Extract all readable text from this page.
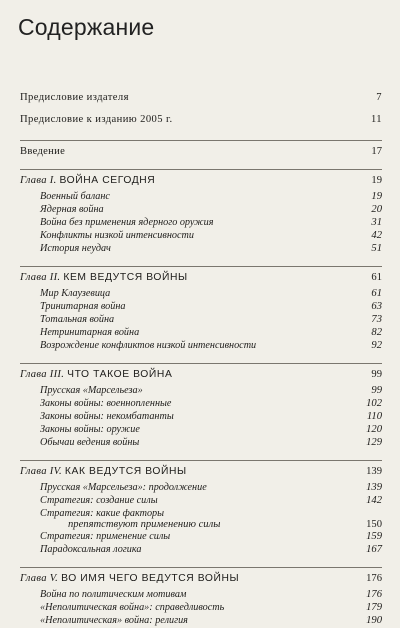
Содержание
Предисловие издателя	7
Предисловие к изданию 2005 г.	11
Введение	17
Глава I. ВОЙНА СЕГОДНЯ	19
Военный баланс	19
Ядерная война	20
Война без применения ядерного оружия	31
Конфликты низкой интенсивности	42
История неудач	51
Глава II. КЕМ ВЕДУТСЯ ВОЙНЫ	61
Мир Клаузевица	61
Тринитарная война	63
Тотальная война	73
Нетринитарная война	82
Возрождение конфликтов низкой интенсивности	92
Глава III. ЧТО ТАКОЕ ВОЙНА	99
Прусская «Марсельеза»	99
Законы войны: военнопленные	102
Законы войны: некомбатанты	110
Законы войны: оружие	120
Обычаи ведения войны	129
Глава IV. КАК ВЕДУТСЯ ВОЙНЫ	139
Прусская «Марсельеза»: продолжение	139
Стратегия: создание силы	142
Стратегия: какие факторы
препятствуют применению силы	150
Стратегия: применение силы	159
Парадоксальная логика	167
Глава V. ВО ИМЯ ЧЕГО ВЕДУТСЯ ВОЙНЫ	176
Война по политическим мотивам	176
«Неполитическая война»: справедливость	179
«Неполитическая» война: религия	190
